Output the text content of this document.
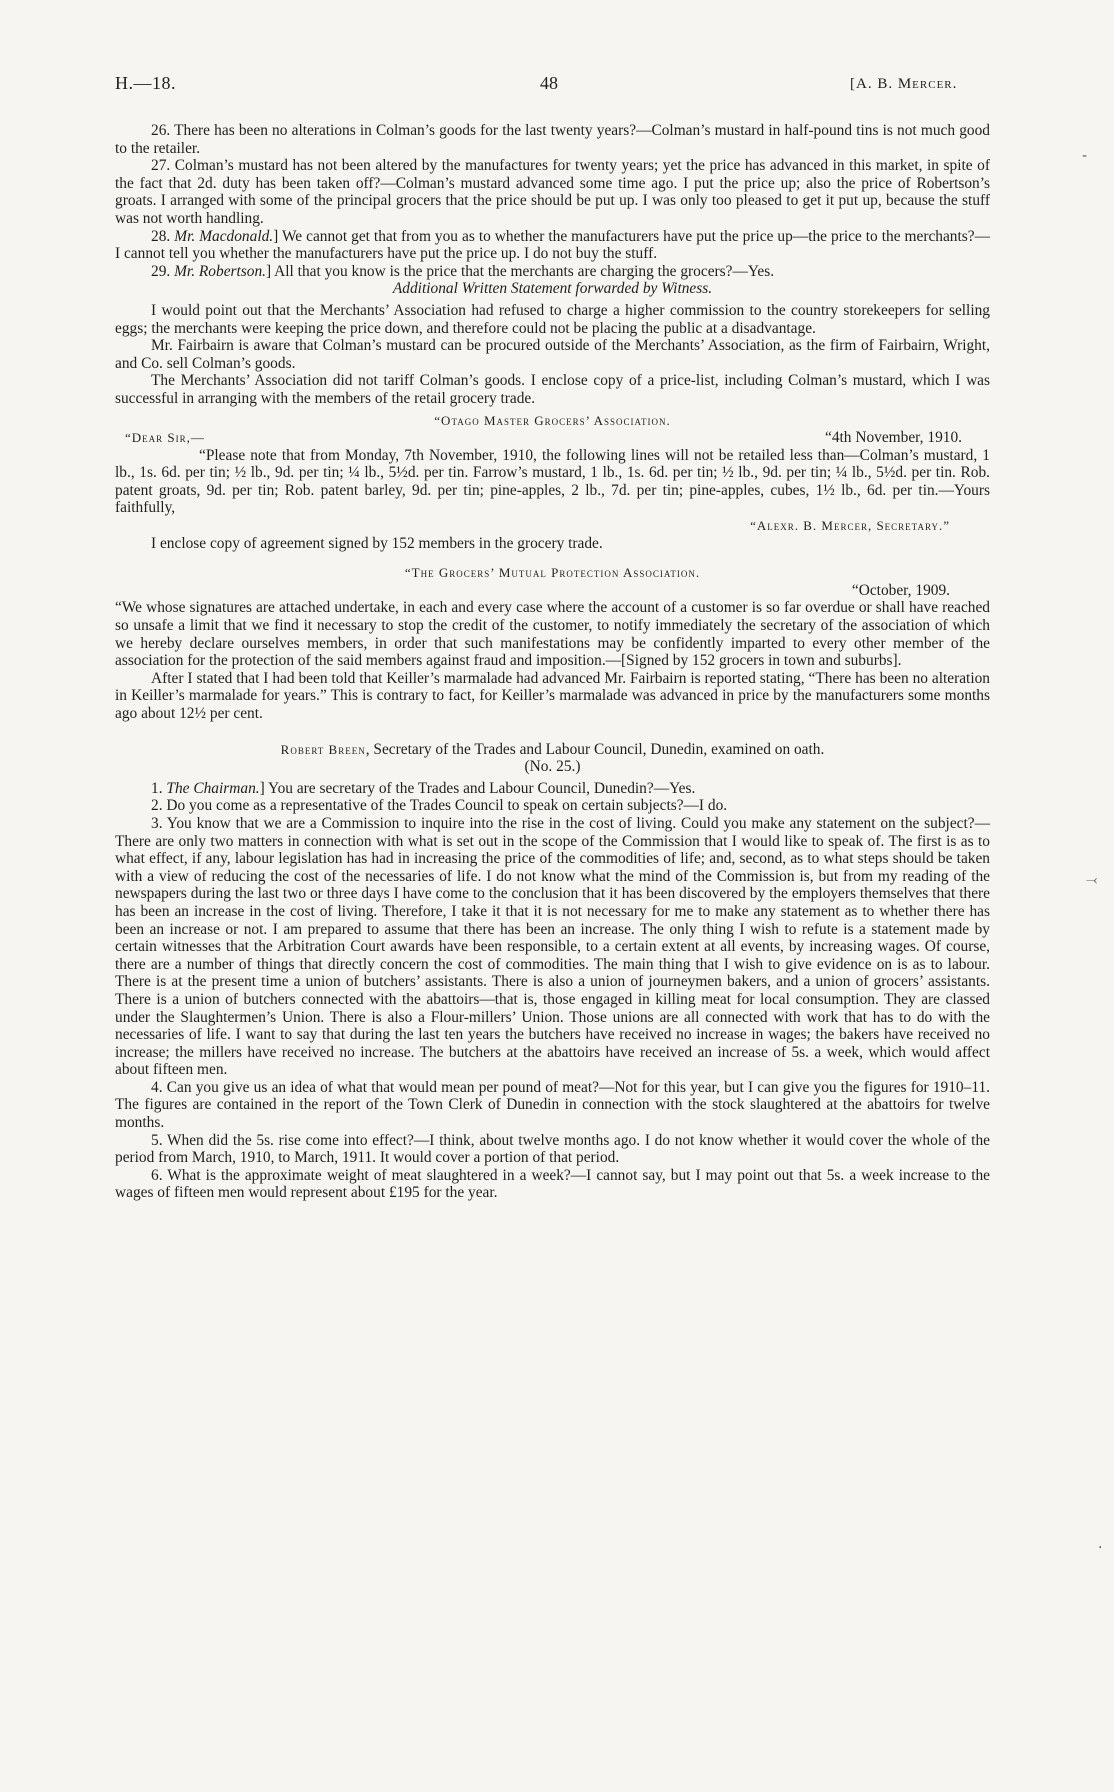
H.—18.	48	[A. B. Mercer.
‐
⤙
·

26. There has been no alterations in Colman’s goods for the last twenty years?—Colman’s mustard in half-pound tins is not much good to the retailer.

27. Colman’s mustard has not been altered by the manufactures for twenty years; yet the price has advanced in this market, in spite of the fact that 2d. duty has been taken off?—Colman’s mustard advanced some time ago. I put the price up; also the price of Robertson’s groats. I arranged with some of the principal grocers that the price should be put up. I was only too pleased to get it put up, because the stuff was not worth handling.

28. Mr. Macdonald.] We cannot get that from you as to whether the manufacturers have put the price up—the price to the merchants?—I cannot tell you whether the manufacturers have put the price up. I do not buy the stuff.

29. Mr. Robertson.] All that you know is the price that the merchants are charging the grocers?—Yes.

Additional Written Statement forwarded by Witness.

I would point out that the Merchants’ Association had refused to charge a higher commission to the country storekeepers for selling eggs; the merchants were keeping the price down, and therefore could not be placing the public at a disadvantage.

Mr. Fairbairn is aware that Colman’s mustard can be procured outside of the Merchants’ Association, as the firm of Fairbairn, Wright, and Co. sell Colman’s goods.

The Merchants’ Association did not tariff Colman’s goods. I enclose copy of a price-list, including Colman’s mustard, which I was successful in arranging with the members of the retail grocery trade.

“Otago Master Grocers’ Association.

“Dear Sir,—	“4th November, 1910.

“Please note that from Monday, 7th November, 1910, the following lines will not be retailed less than—Colman’s mustard, 1 lb., 1s. 6d. per tin; ½ lb., 9d. per tin; ¼ lb., 5½d. per tin. Farrow’s mustard, 1 lb., 1s. 6d. per tin; ½ lb., 9d. per tin; ¼ lb., 5½d. per tin. Rob. patent groats, 9d. per tin; Rob. patent barley, 9d. per tin; pine-apples, 2 lb., 7d. per tin; pine-apples, cubes, 1½ lb., 6d. per tin.—Yours faithfully,

“Alexr. B. Mercer, Secretary.”

I enclose copy of agreement signed by 152 members in the grocery trade.

“The Grocers’ Mutual Protection Association.

“October, 1909.

“We whose signatures are attached undertake, in each and every case where the account of a customer is so far overdue or shall have reached so unsafe a limit that we find it necessary to stop the credit of the customer, to notify immediately the secretary of the association of which we hereby declare ourselves members, in order that such manifestations may be confidently imparted to every other member of the association for the protection of the said members against fraud and imposition.—[Signed by 152 grocers in town and suburbs].

After I stated that I had been told that Keiller’s marmalade had advanced Mr. Fairbairn is reported stating, “There has been no alteration in Keiller’s marmalade for years.” This is contrary to fact, for Keiller’s marmalade was advanced in price by the manufacturers some months ago about 12½ per cent.

Robert Breen, Secretary of the Trades and Labour Council, Dunedin, examined on oath.

(No. 25.)

1. The Chairman.] You are secretary of the Trades and Labour Council, Dunedin?—Yes.

2. Do you come as a representative of the Trades Council to speak on certain subjects?—I do.

3. You know that we are a Commission to inquire into the rise in the cost of living. Could you make any statement on the subject?—There are only two matters in connection with what is set out in the scope of the Commission that I would like to speak of. The first is as to what effect, if any, labour legislation has had in increasing the price of the commodities of life; and, second, as to what steps should be taken with a view of reducing the cost of the necessaries of life. I do not know what the mind of the Commission is, but from my reading of the newspapers during the last two or three days I have come to the conclusion that it has been discovered by the employers themselves that there has been an increase in the cost of living. Therefore, I take it that it is not necessary for me to make any statement as to whether there has been an increase or not. I am prepared to assume that there has been an increase. The only thing I wish to refute is a statement made by certain witnesses that the Arbitration Court awards have been responsible, to a certain extent at all events, by increasing wages. Of course, there are a number of things that directly concern the cost of commodities. The main thing that I wish to give evidence on is as to labour. There is at the present time a union of butchers’ assistants. There is also a union of journeymen bakers, and a union of grocers’ assistants. There is a union of butchers connected with the abattoirs—that is, those engaged in killing meat for local consumption. They are classed under the Slaughtermen’s Union. There is also a Flour-millers’ Union. Those unions are all connected with work that has to do with the necessaries of life. I want to say that during the last ten years the butchers have received no increase in wages; the bakers have received no increase; the millers have received no increase. The butchers at the abattoirs have received an increase of 5s. a week, which would affect about fifteen men.

4. Can you give us an idea of what that would mean per pound of meat?—Not for this year, but I can give you the figures for 1910–11. The figures are contained in the report of the Town Clerk of Dunedin in connection with the stock slaughtered at the abattoirs for twelve months.

5. When did the 5s. rise come into effect?—I think, about twelve months ago. I do not know whether it would cover the whole of the period from March, 1910, to March, 1911. It would cover a portion of that period.

6. What is the approximate weight of meat slaughtered in a week?—I cannot say, but I may point out that 5s. a week increase to the wages of fifteen men would represent about £195 for the year.
